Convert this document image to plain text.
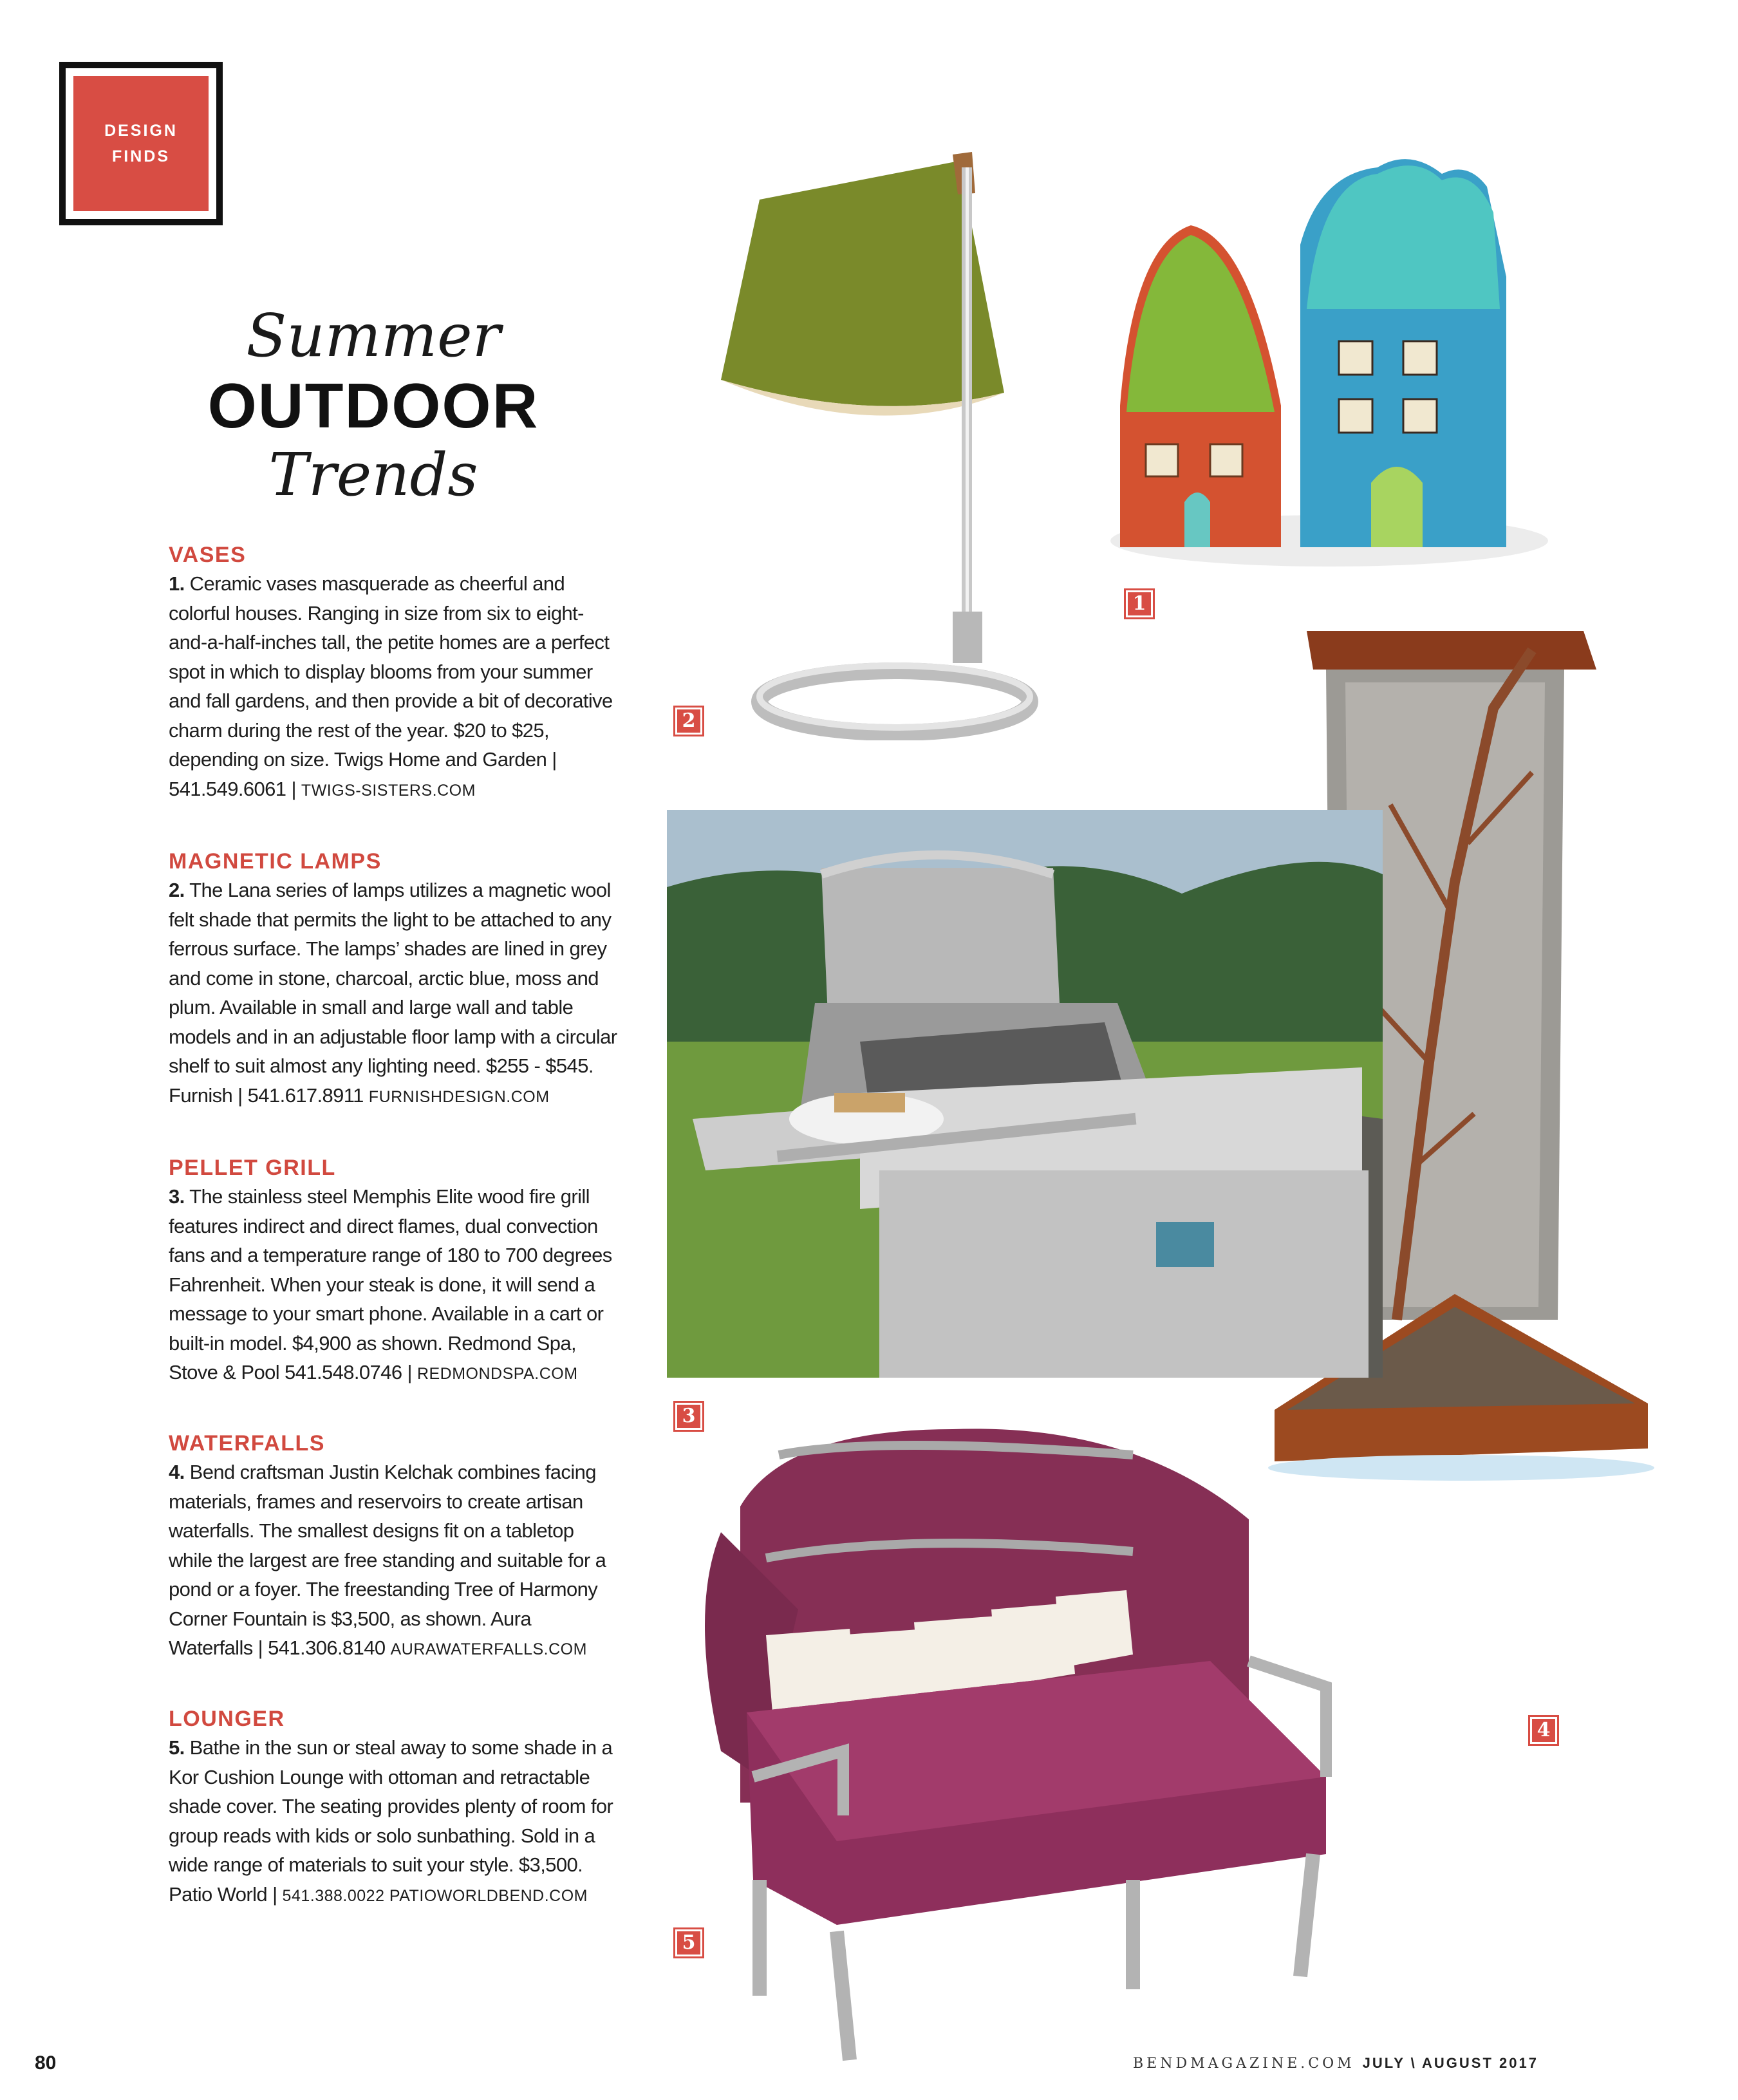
DESIGN
FINDS
Summer
OUTDOOR
Trends
VASES
1. Ceramic vases masquerade as cheerful and colorful houses. Ranging in size from six to eight-and-a-half-inches tall, the petite homes are a perfect spot in which to display blooms from your summer and fall gardens, and then provide a bit of decorative charm during the rest of the year. $20 to $25, depending on size. Twigs Home and Garden | 541.549.6061 | TWIGS-SISTERS.COM
MAGNETIC LAMPS
2. The Lana series of lamps utilizes a magnetic wool felt shade that permits the light to be attached to any ferrous surface. The lamps’ shades are lined in grey and come in stone, charcoal, arctic blue, moss and plum. Available in small and large wall and table models and in an adjustable floor lamp with a circular shelf to suit almost any lighting need. $255 - $545. Furnish | 541.617.8911 FURNISHDESIGN.COM
PELLET GRILL
3. The stainless steel Memphis Elite wood fire grill features indirect and direct flames, dual convection fans and a temperature range of 180 to 700 degrees Fahrenheit. When your steak is done, it will send a message to your smart phone. Available in a cart or built-in model. $4,900 as shown. Redmond Spa, Stove & Pool 541.548.0746 | REDMONDSPA.COM
WATERFALLS
4. Bend craftsman Justin Kelchak combines facing materials, frames and reservoirs to create artisan waterfalls. The smallest designs fit on a tabletop while the largest are free standing and suitable for a pond or a foyer. The freestanding Tree of Harmony Corner Fountain is $3,500, as shown. Aura Waterfalls | 541.306.8140 AURAWATERFALLS.COM
LOUNGER
5. Bathe in the sun or steal away to some shade in a Kor Cushion Lounge with ottoman and retractable shade cover. The seating provides plenty of room for group reads with kids or solo sunbathing. Sold in a wide range of materials to suit your style. $3,500. Patio World | 541.388.0022 PATIOWORLDBEND.COM
1
2
3
4
5
80	BENDMAGAZINE.COM JULY \ AUGUST 2017
